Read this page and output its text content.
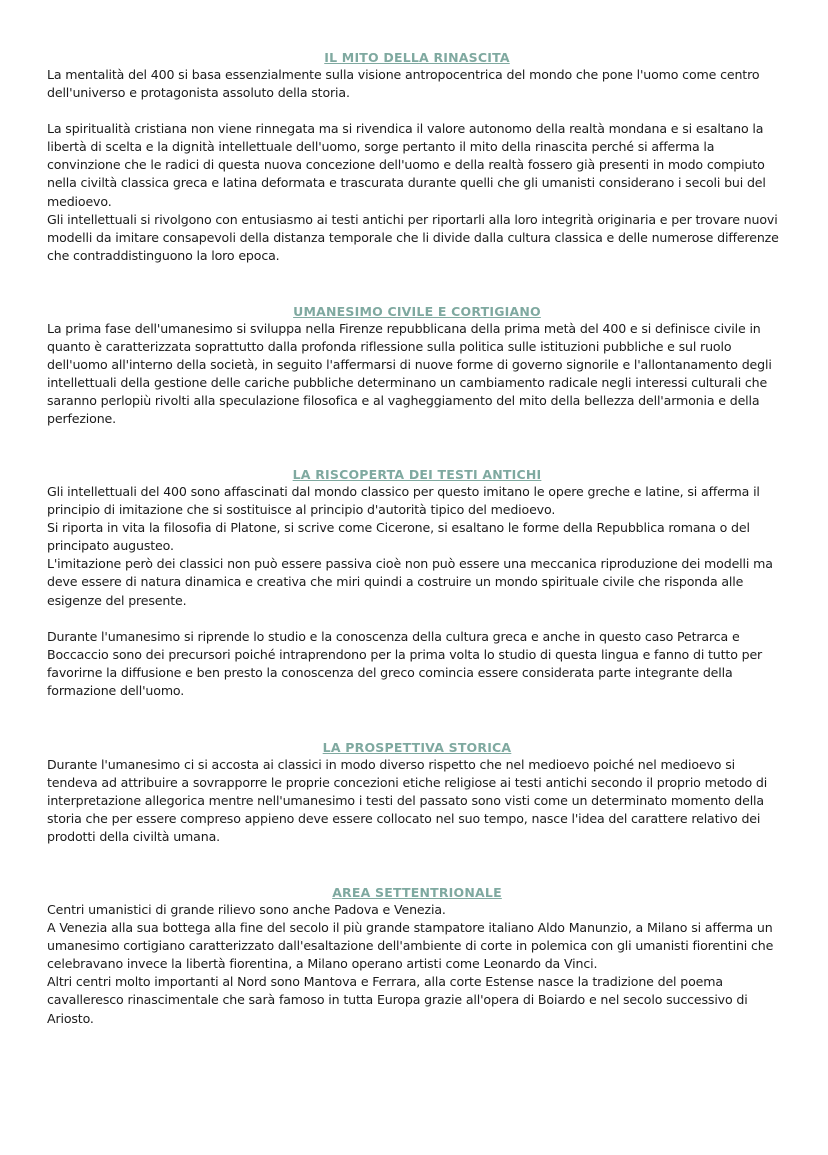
IL MITO DELLA RINASCITA

La mentalità del 400 si basa essenzialmente sulla visione antropocentrica del mondo che pone l'uomo come centro dell'universo e protagonista assoluto della storia.

La spiritualità cristiana non viene rinnegata ma si rivendica il valore autonomo della realtà mondana e si esaltano la libertà di scelta e la dignità intellettuale dell'uomo, sorge pertanto il mito della rinascita perché si afferma la convinzione che le radici di questa nuova concezione dell'uomo e della realtà fossero già presenti in modo compiuto nella civiltà classica greca e latina deformata e trascurata durante quelli che gli umanisti considerano i secoli bui del medioevo.

Gli intellettuali si rivolgono con entusiasmo ai testi antichi per riportarli alla loro integrità originaria e per trovare nuovi modelli da imitare consapevoli della distanza temporale che li divide dalla cultura classica e delle numerose differenze che contraddistinguono la loro epoca.

UMANESIMO CIVILE E CORTIGIANO

La prima fase dell'umanesimo si sviluppa nella Firenze repubblicana della prima metà del 400 e si definisce civile in quanto è caratterizzata soprattutto dalla profonda riflessione sulla politica sulle istituzioni pubbliche e sul ruolo dell'uomo all'interno della società, in seguito l'affermarsi di nuove forme di governo signorile e l'allontanamento degli intellettuali della gestione delle cariche pubbliche determinano un cambiamento radicale negli interessi culturali che saranno perlopiù rivolti alla speculazione filosofica e al vagheggiamento del mito della bellezza dell'armonia e della perfezione.

LA RISCOPERTA DEI TESTI ANTICHI

Gli intellettuali del 400 sono affascinati dal mondo classico per questo imitano le opere greche e latine, si afferma il principio di imitazione che si sostituisce al principio d'autorità tipico del medioevo.

Si riporta in vita la filosofia di Platone, si scrive come Cicerone, si esaltano le forme della Repubblica romana o del principato augusteo.

L'imitazione però dei classici non può essere passiva cioè non può essere una meccanica riproduzione dei modelli ma deve essere di natura dinamica e creativa che miri quindi a costruire un mondo spirituale civile che risponda alle esigenze del presente.

Durante l'umanesimo si riprende lo studio e la conoscenza della cultura greca e anche in questo caso Petrarca e Boccaccio sono dei precursori poiché intraprendono per la prima volta lo studio di questa lingua e fanno di tutto per favorirne la diffusione e ben presto la conoscenza del greco comincia essere considerata parte integrante della formazione dell'uomo.

LA PROSPETTIVA STORICA

Durante l'umanesimo ci si accosta ai classici in modo diverso rispetto che nel medioevo poiché nel medioevo si tendeva ad attribuire a sovrapporre le proprie concezioni etiche religiose ai testi antichi secondo il proprio metodo di interpretazione allegorica mentre nell'umanesimo i testi del passato sono visti come un determinato momento della storia che per essere compreso appieno deve essere collocato nel suo tempo, nasce l'idea del carattere relativo dei prodotti della civiltà umana.

AREA SETTENTRIONALE

Centri umanistici di grande rilievo sono anche Padova e Venezia.

A Venezia alla sua bottega alla fine del secolo il più grande stampatore italiano Aldo Manunzio, a Milano si afferma un umanesimo cortigiano caratterizzato dall'esaltazione dell'ambiente di corte in polemica con gli umanisti fiorentini che celebravano invece la libertà fiorentina, a Milano operano artisti come Leonardo da Vinci.

Altri centri molto importanti al Nord sono Mantova e Ferrara, alla corte Estense nasce la tradizione del poema cavalleresco rinascimentale che sarà famoso in tutta Europa grazie all'opera di Boiardo e nel secolo successivo di Ariosto.
